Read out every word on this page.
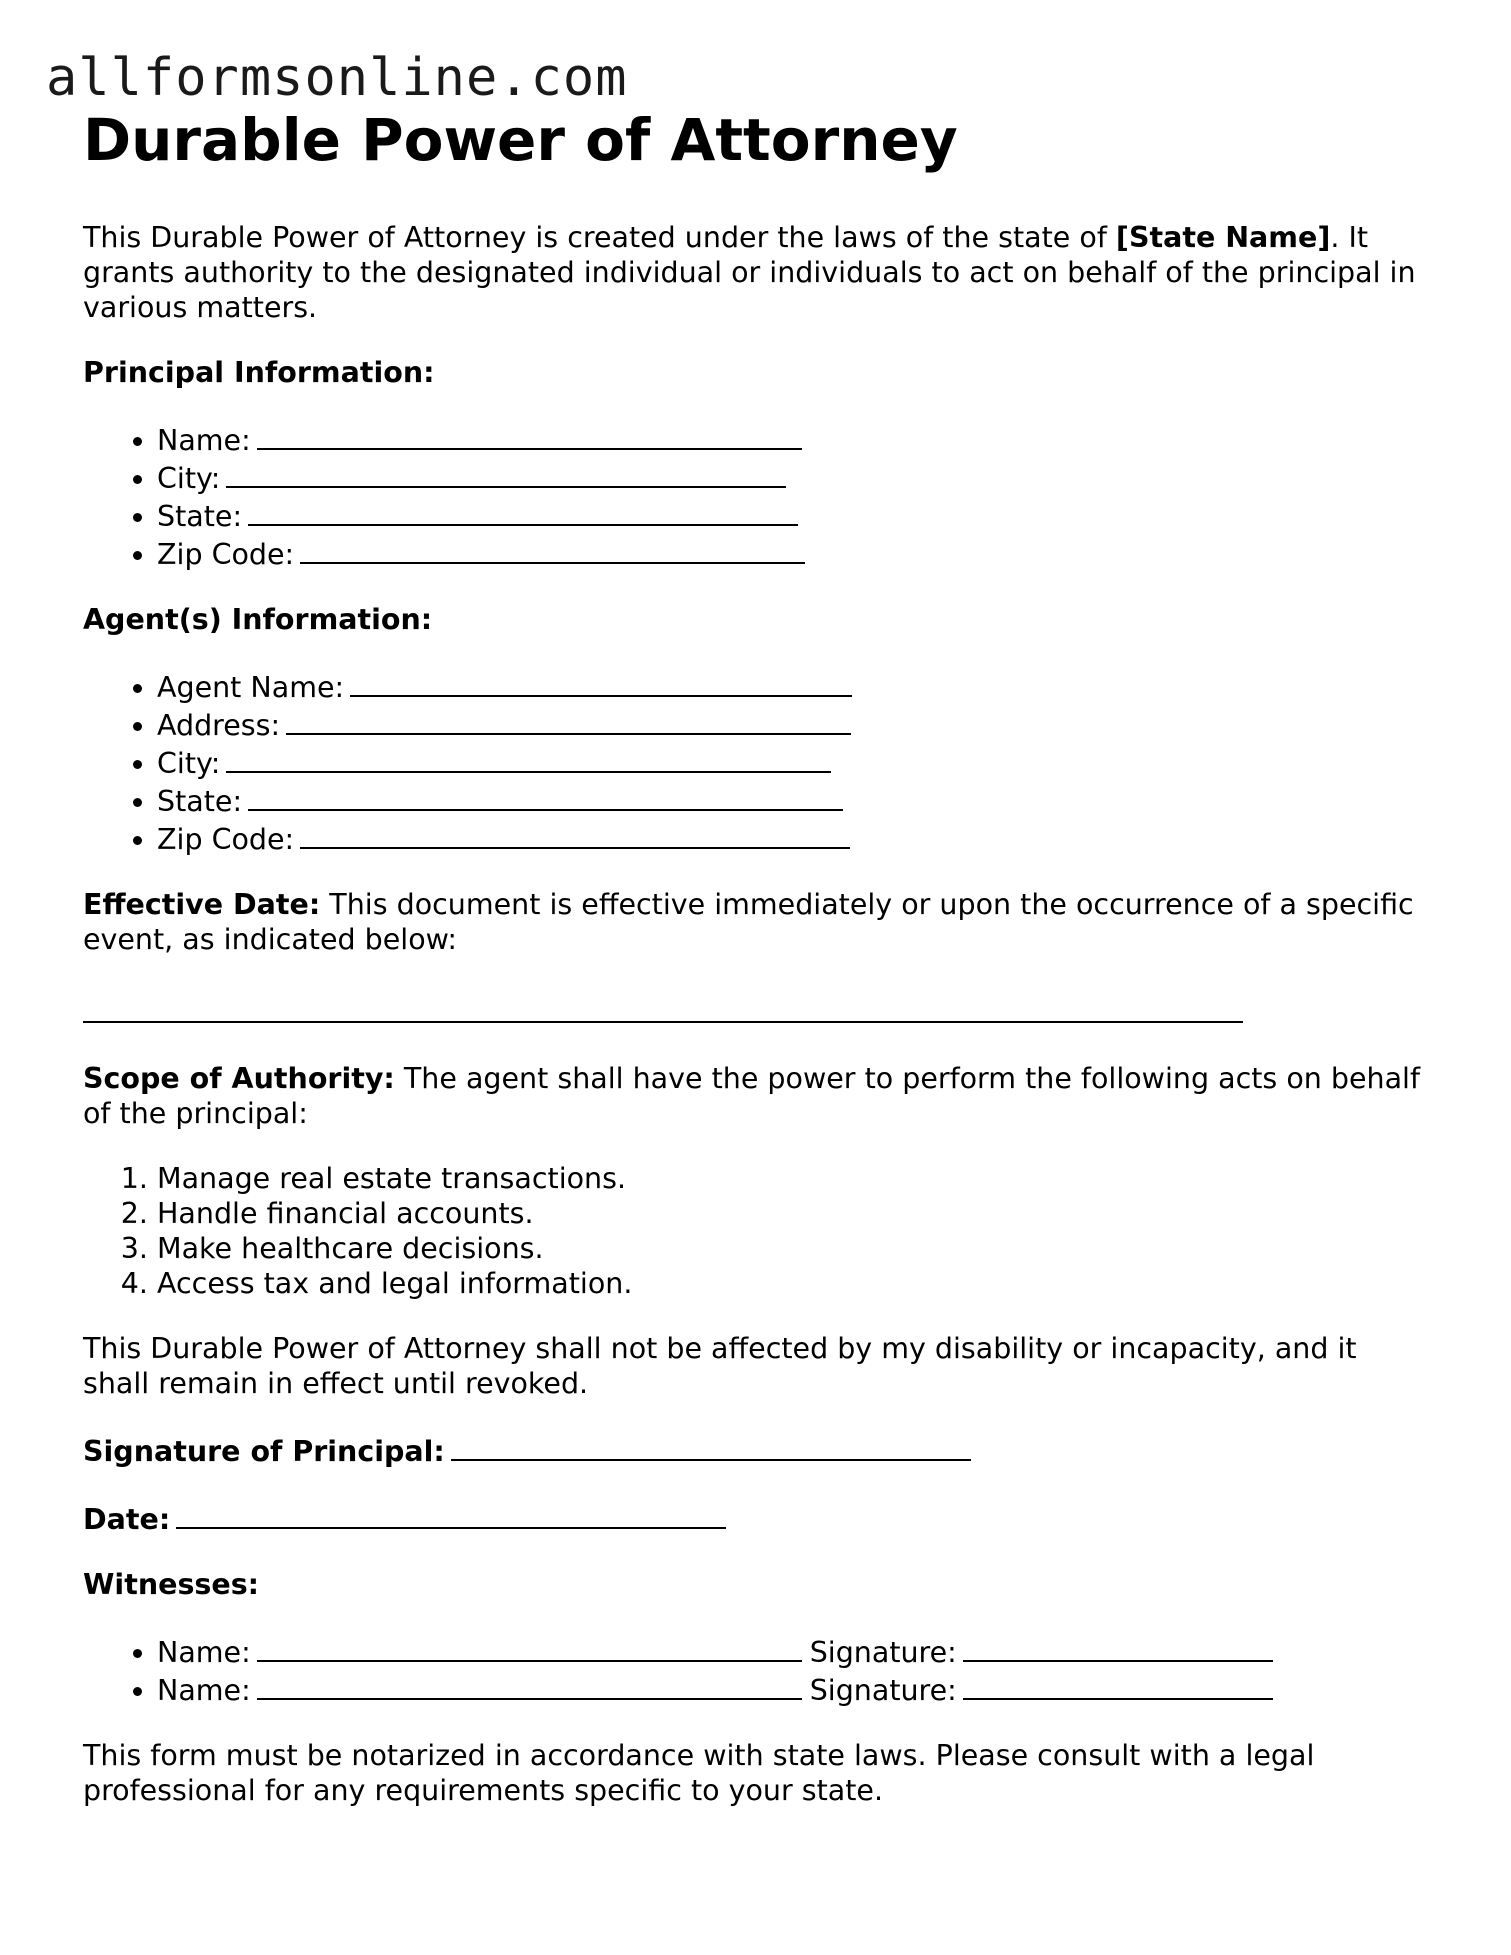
allformsonline.com
Durable Power of Attorney

This Durable Power of Attorney is created under the laws of the state of [State Name]. It grants authority to the designated individual or individuals to act on behalf of the principal in various matters.

Principal Information:

• Name:
• City:
• State:
• Zip Code:

Agent(s) Information:

• Agent Name:
• Address:
• City:
• State:
• Zip Code:

Effective Date: This document is effective immediately or upon the occurrence of a specific event, as indicated below:

Scope of Authority: The agent shall have the power to perform the following acts on behalf of the principal:

1. Manage real estate transactions.
2. Handle financial accounts.
3. Make healthcare decisions.
4. Access tax and legal information.

This Durable Power of Attorney shall not be affected by my disability or incapacity, and it shall remain in effect until revoked.

Signature of Principal:

Date:

Witnesses:

• Name:	Signature:
• Name:	Signature:

This form must be notarized in accordance with state laws. Please consult with a legal professional for any requirements specific to your state.
